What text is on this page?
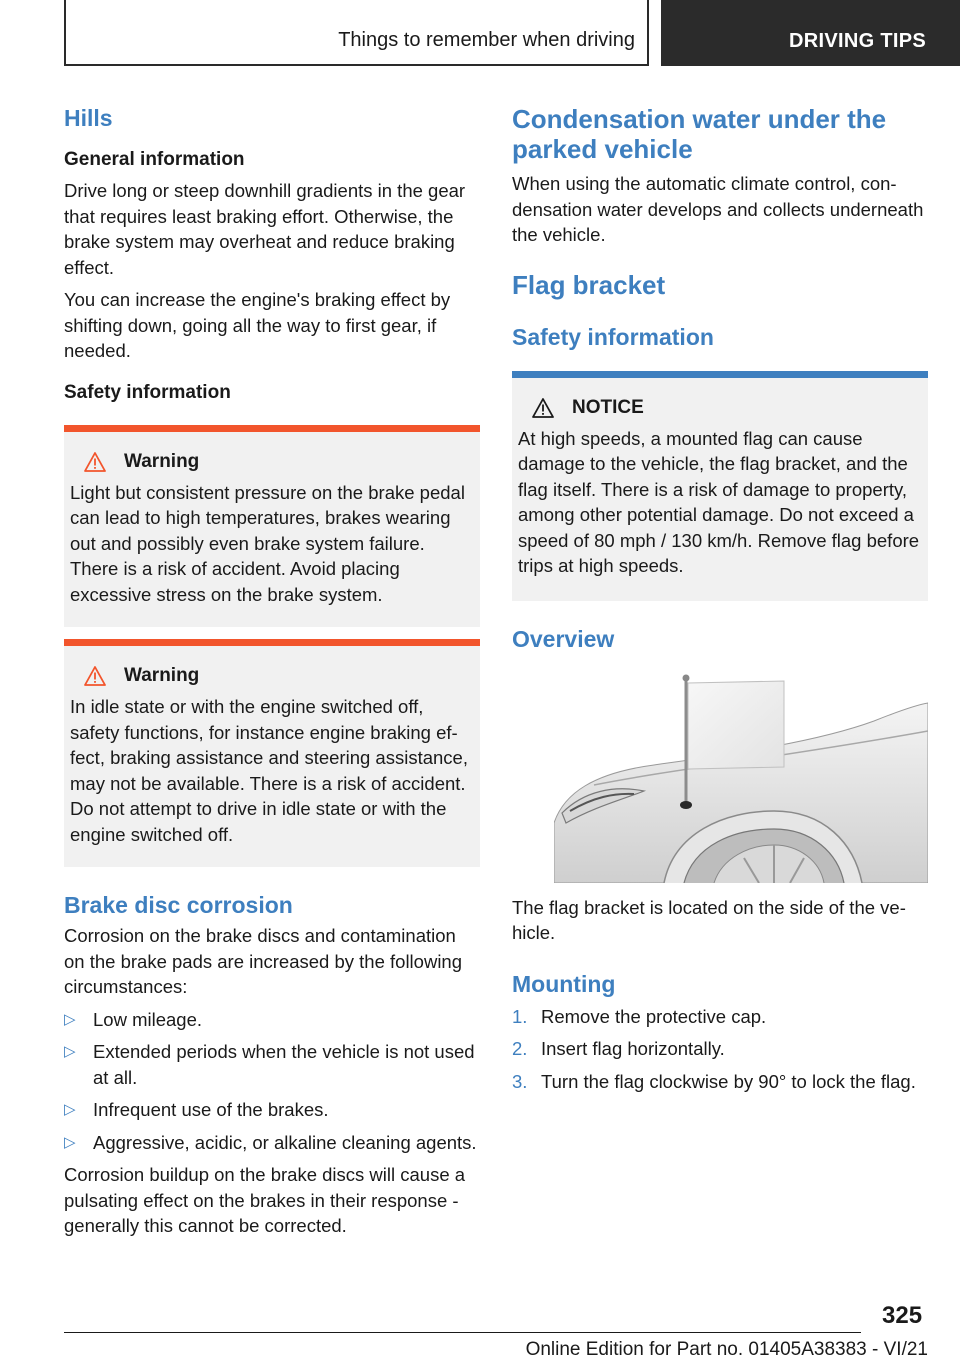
Things to remember when driving	DRIVING TIPS
Hills
General information

Drive long or steep downhill gradients in the gear that requires least braking effort. Otherwise, the brake system may overheat and reduce braking effect.

You can increase the engine's braking effect by shifting down, going all the way to first gear, if needed.

Safety information
Warning

Light but consistent pressure on the brake pedal can lead to high temperatures, brakes wearing out and possibly even brake system failure. There is a risk of accident. Avoid placing excessive stress on the brake system.

Warning

In idle state or with the engine switched off, safety functions, for instance engine braking effect, braking assistance and steering assistance, may not be available. There is a risk of accident. Do not attempt to drive in idle state or with the engine switched off.

Brake disc corrosion

Corrosion on the brake discs and contamination on the brake pads are increased by the following circumstances:

▷ Low mileage.
▷ Extended periods when the vehicle is not used at all.
▷ Infrequent use of the brakes.
▷ Aggressive, acidic, or alkaline cleaning agents.

Corrosion buildup on the brake discs will cause a pulsating effect on the brakes in their response - generally this cannot be corrected.

Condensation water under the parked vehicle

When using the automatic climate control, condensation water develops and collects underneath the vehicle.

Flag bracket
Safety information
NOTICE

At high speeds, a mounted flag can cause damage to the vehicle, the flag bracket, and the flag itself. There is a risk of damage to property, among other potential damage. Do not exceed a speed of 80 mph / 130 km/h. Remove flag before trips at high speeds.

Overview

The flag bracket is located on the side of the vehicle.

Mounting
1. Remove the protective cap.
2. Insert flag horizontally.
3. Turn the flag clockwise by 90° to lock the flag.
325
Online Edition for Part no. 01405A38383 - VI/21
